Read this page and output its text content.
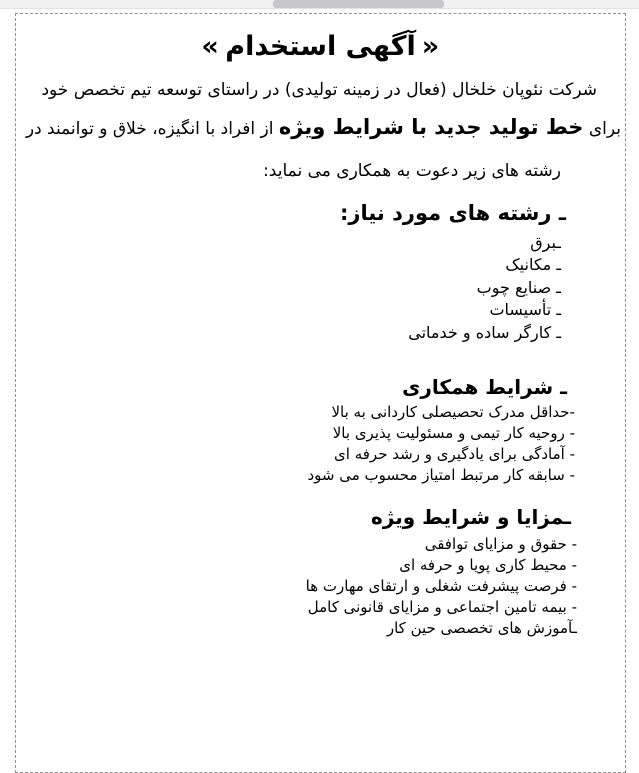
« آگهی استخدام »

شرکت نئوپان خلخال (فعال در زمینه تولیدی) در راستای توسعه تیم تخصص خود

برای خط تولید جدید با شرایط ویژه از افراد با انگیزه، خلاق و توانمند در

رشته های زیر دعوت به همکاری می نماید:

ـ رشته های مورد نیاز:

ـبرق

ـ مکانیک

ـ صنایع چوب

ـ تأسیسات

ـ کارگر ساده و خدماتی

ـ شرایط همکاری

-حداقل مدرک تحصیصلی کاردانی به بالا

- روحیه کار تیمی و مسئولیت پذیری بالا

- آمادگی برای یادگیری و رشد حرفه ای

- سابقه کار مرتبط امتیاز محسوب می شود

ـمزایا و شرایط ویژه

- حقوق و مزایای توافقی

- محیط کاری پویا و حرفه ای

- فرصت پیشرفت شغلی و ارتقای مهارت ها

- بیمه تامین اجتماعی و مزایای قانونی کامل

ـآموزش های تخصصی حین کار
